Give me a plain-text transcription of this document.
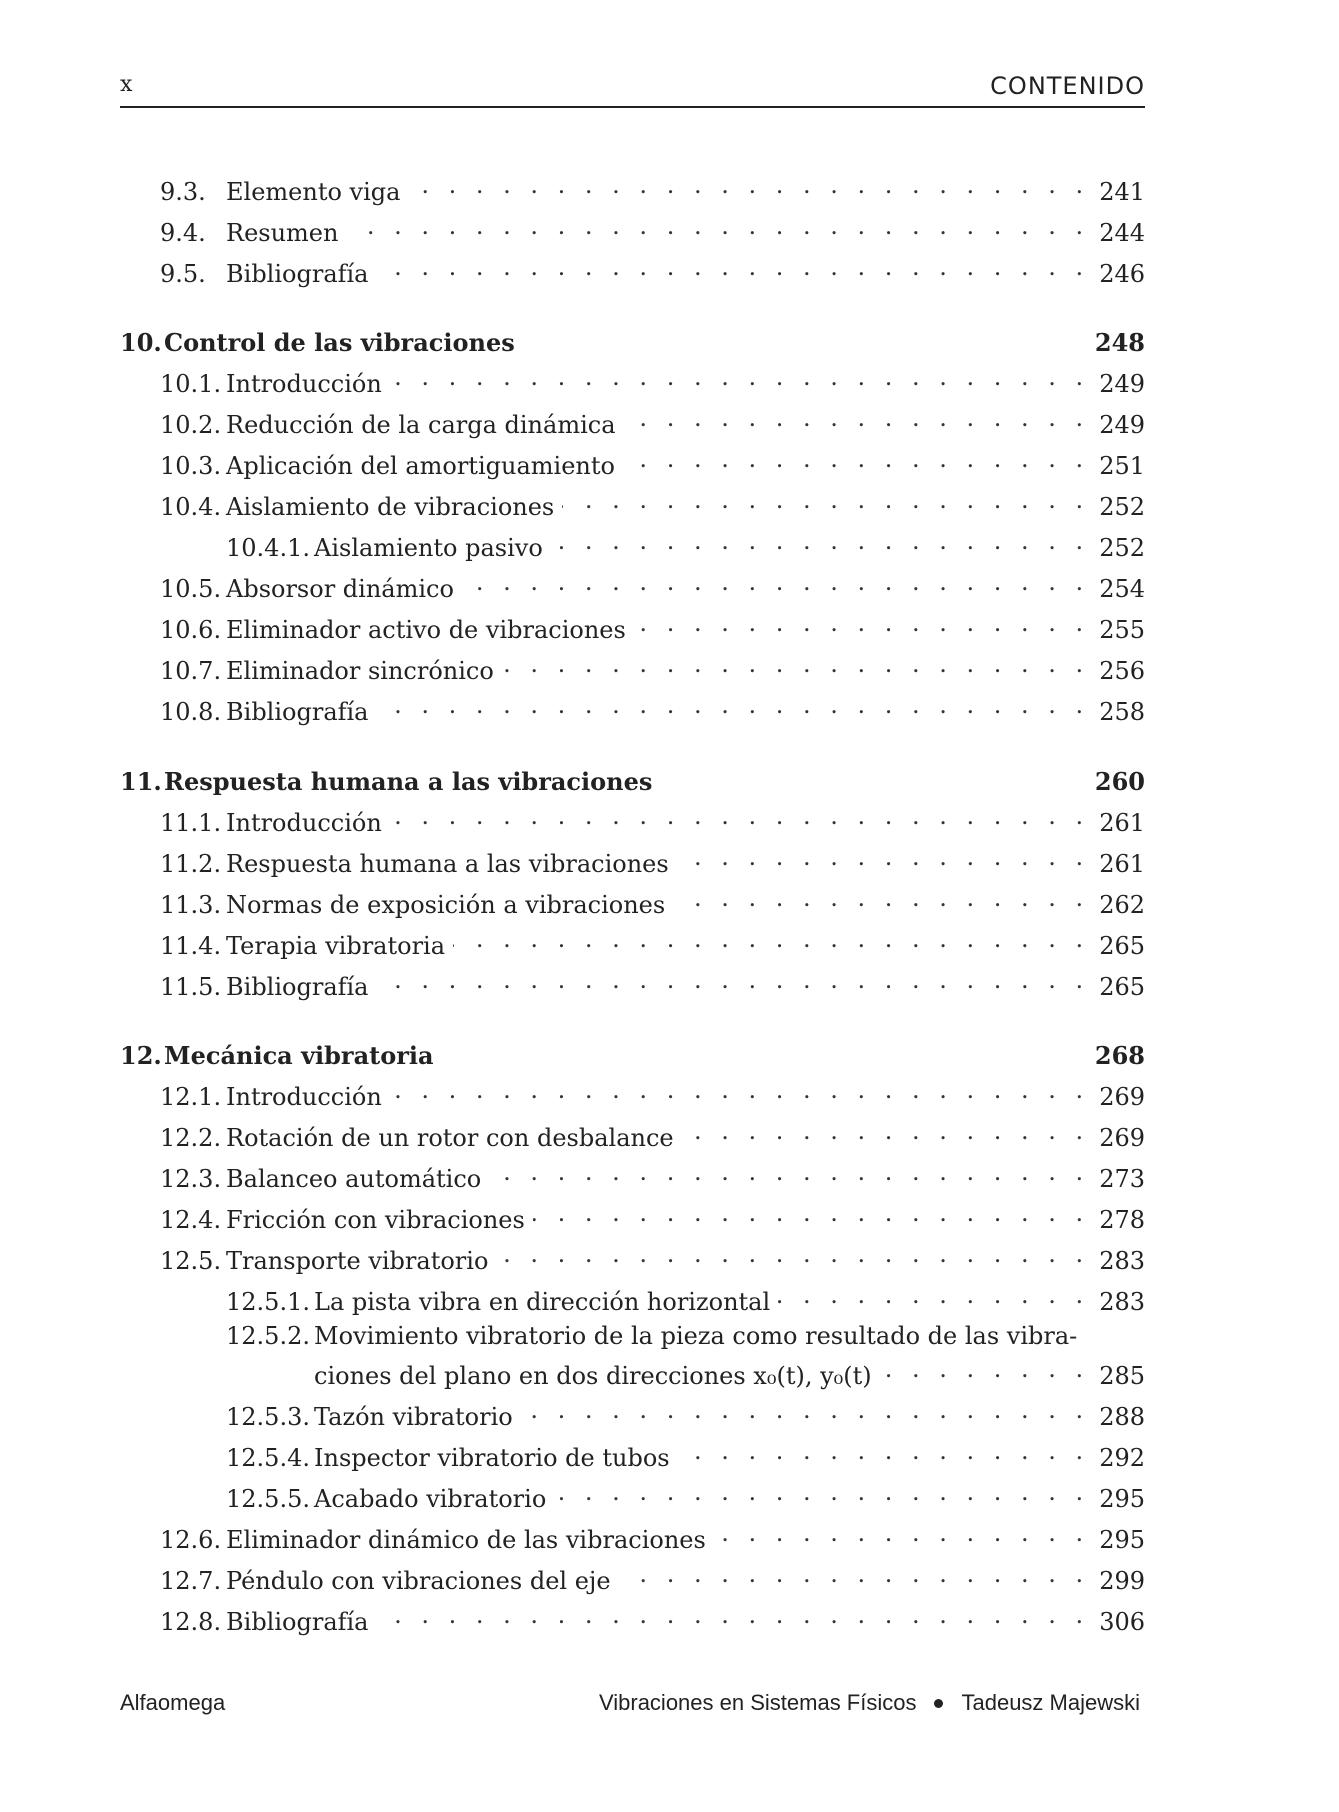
x	CONTENIDO
9.3. Elemento viga . . .	241
9.4. Resumen . . .	244
9.5. Bibliografía . . .	246
10. Control de las vibraciones	248
10.1. Introducción . . .	249
10.2. Reducción de la carga dinámica . . .	249
10.3. Aplicación del amortiguamiento . . .	251
10.4. Aislamiento de vibraciones . . .	252
10.4.1. Aislamiento pasivo . . .	252
10.5. Absorsor dinámico . . .	254
10.6. Eliminador activo de vibraciones . . .	255
10.7. Eliminador sincrónico . . .	256
10.8. Bibliografía . . .	258
11. Respuesta humana a las vibraciones	260
11.1. Introducción . . .	261
11.2. Respuesta humana a las vibraciones . . .	261
11.3. Normas de exposición a vibraciones . . .	262
11.4. Terapia vibratoria . . .	265
11.5. Bibliografía . . .	265
12. Mecánica vibratoria	268
12.1. Introducción . . .	269
12.2. Rotación de un rotor con desbalance . . .	269
12.3. Balanceo automático . . .	273
12.4. Fricción con vibraciones . . .	278
12.5. Transporte vibratorio . . .	283
12.5.1. La pista vibra en dirección horizontal . . .	283
12.5.2. Movimiento vibratorio de la pieza como resultado de las vibra-
ciones del plano en dos direcciones x₀(t), y₀(t) . . .	285
12.5.3. Tazón vibratorio . . .	288
12.5.4. Inspector vibratorio de tubos . . .	292
12.5.5. Acabado vibratorio . . .	295
12.6. Eliminador dinámico de las vibraciones . . .	295
12.7. Péndulo con vibraciones del eje . . .	299
12.8. Bibliografía . . .	306
Alfaomega	Vibraciones en Sistemas Físicos Tadeusz Majewski
